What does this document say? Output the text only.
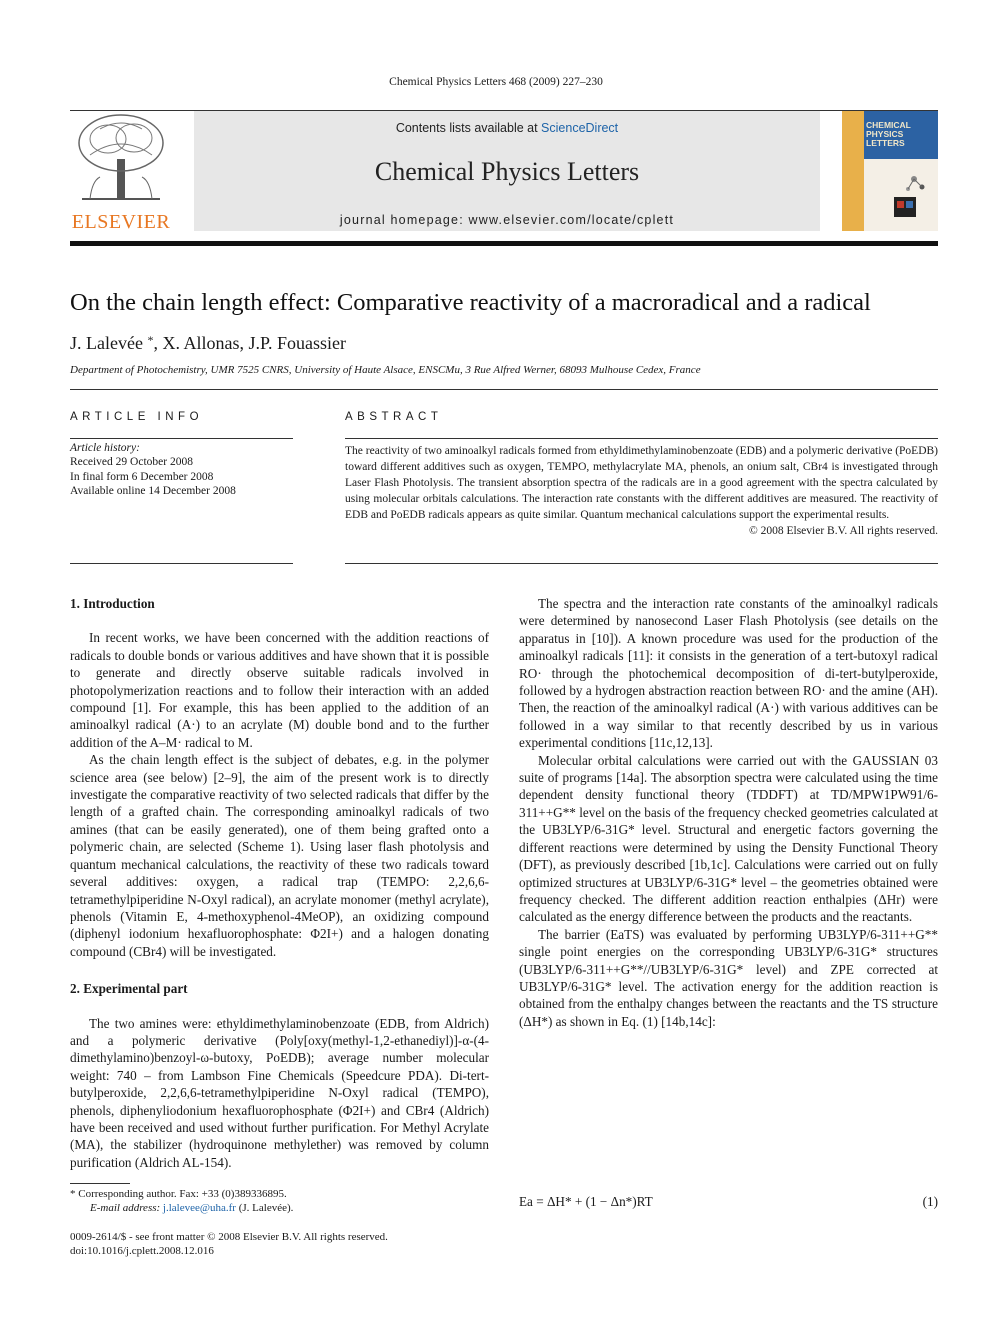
Chemical Physics Letters 468 (2009) 227–230
ELSEVIER
Contents lists available at ScienceDirect
Chemical Physics Letters
journal homepage: www.elsevier.com/locate/cplett
CHEMICAL PHYSICS LETTERS
On the chain length effect: Comparative reactivity of a macroradical and a radical
J. Lalevée *, X. Allonas, J.P. Fouassier
Department of Photochemistry, UMR 7525 CNRS, University of Haute Alsace, ENSCMu, 3 Rue Alfred Werner, 68093 Mulhouse Cedex, France
ARTICLE INFO	ABSTRACT
Article history:
Received 29 October 2008
In final form 6 December 2008
Available online 14 December 2008
The reactivity of two aminoalkyl radicals formed from ethyldimethylaminobenzoate (EDB) and a polymeric derivative (PoEDB) toward different additives such as oxygen, TEMPO, methylacrylate MA, phenols, an onium salt, CBr4 is investigated through Laser Flash Photolysis. The transient absorption spectra of the radicals are in a good agreement with the spectra calculated by using molecular orbitals calculations. The interaction rate constants with the different additives are measured. The reactivity of EDB and PoEDB radicals appears as quite similar. Quantum mechanical calculations support the experimental results.
© 2008 Elsevier B.V. All rights reserved.
1. Introduction

In recent works, we have been concerned with the addition reactions of radicals to double bonds or various additives and have shown that it is possible to generate and directly observe suitable radicals involved in photopolymerization reactions and to follow their interaction with an added compound [1]. For example, this has been applied to the addition of an aminoalkyl radical (A·) to an acrylate (M) double bond and to the further addition of the A–M· radical to M.

As the chain length effect is the subject of debates, e.g. in the polymer science area (see below) [2–9], the aim of the present work is to directly investigate the comparative reactivity of two selected radicals that differ by the length of a grafted chain. The corresponding aminoalkyl radicals of two amines (that can be easily generated), one of them being grafted onto a polymeric chain, are selected (Scheme 1). Using laser flash photolysis and quantum mechanical calculations, the reactivity of these two radicals toward several additives: oxygen, a radical trap (TEMPO: 2,2,6,6-tetramethylpiperidine N-Oxyl radical), an acrylate monomer (methyl acrylate), phenols (Vitamin E, 4-methoxyphenol-4MeOP), an oxidizing compound (diphenyl iodonium hexafluorophosphate: Φ2I+) and a halogen donating compound (CBr4) will be investigated.

2. Experimental part

The two amines were: ethyldimethylaminobenzoate (EDB, from Aldrich) and a polymeric derivative (Poly[oxy(methyl-1,2-ethanediyl)]-α-(4-dimethylamino)benzoyl-ω-butoxy, PoEDB); average number molecular weight: 740 – from Lambson Fine Chemicals (Speedcure PDA). Di-tert-butylperoxide, 2,2,6,6-tetramethylpiperidine N-Oxyl radical (TEMPO), phenols, diphenyliodonium hexafluorophosphate (Φ2I+) and CBr4 (Aldrich) have been received and used without further purification. For Methyl Acrylate (MA), the stabilizer (hydroquinone methylether) was removed by column purification (Aldrich AL-154).

The spectra and the interaction rate constants of the aminoalkyl radicals were determined by nanosecond Laser Flash Photolysis (see details on the apparatus in [10]). A known procedure was used for the production of the aminoalkyl radicals [11]: it consists in the generation of a tert-butoxyl radical RO· through the photochemical decomposition of di-tert-butylperoxide, followed by a hydrogen abstraction reaction between RO· and the amine (AH). Then, the reaction of the aminoalkyl radical (A·) with various additives can be followed in a way similar to that recently described by us in various experimental conditions [11c,12,13].

Molecular orbital calculations were carried out with the GAUSSIAN 03 suite of programs [14a]. The absorption spectra were calculated using the time dependent density functional theory (TDDFT) at TD/MPW1PW91/6-311++G** level on the basis of the frequency checked geometries calculated at the UB3LYP/6-31G* level. Structural and energetic factors governing the different reactions were determined by using the Density Functional Theory (DFT), as previously described [1b,1c]. Calculations were carried out on fully optimized structures at UB3LYP/6-31G* level – the geometries obtained were frequency checked. The different addition reaction enthalpies (ΔHr) were calculated as the energy difference between the products and the reactants.

The barrier (EaTS) was evaluated by performing UB3LYP/6-311++G** single point energies on the corresponding UB3LYP/6-31G* structures (UB3LYP/6-311++G**//UB3LYP/6-31G* level) and ZPE corrected at UB3LYP/6-31G* level. The activation energy for the addition reaction is obtained from the enthalpy changes between the reactants and the TS structure (ΔH*) as shown in Eq. (1) [14b,14c]:

Ea = ΔH* + (1 − Δn*)RT	(1)
* Corresponding author. Fax: +33 (0)389336895.
E-mail address: j.lalevee@uha.fr (J. Lalevée).
0009-2614/$ - see front matter © 2008 Elsevier B.V. All rights reserved.
doi:10.1016/j.cplett.2008.12.016
